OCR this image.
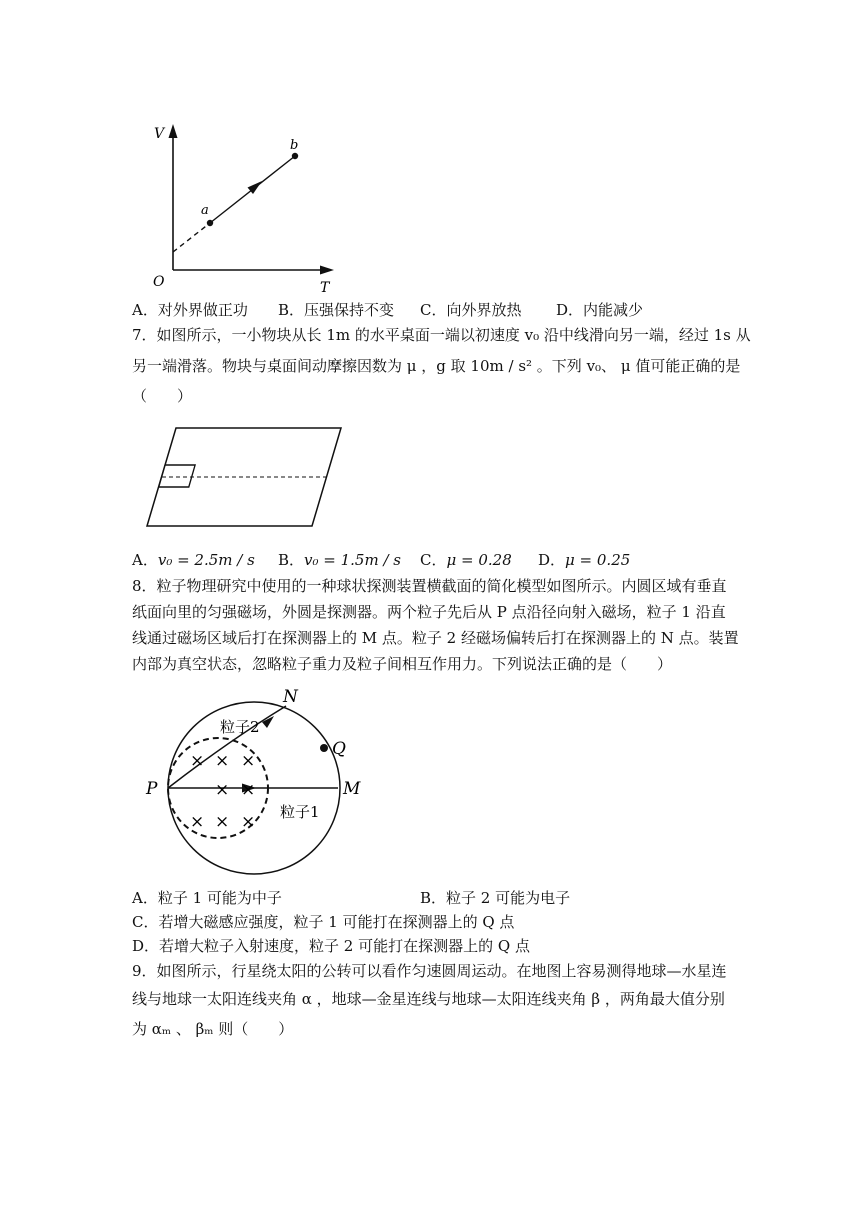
V
T
O
a
b
A．对外界做正功 B．压强保持不变 C．向外界放热 D．内能减少
7．如图所示，一小物块从长 1m 的水平桌面一端以初速度 v₀ 沿中线滑向另一端，经过 1s 从
另一端滑落。物块与桌面间动摩擦因数为 μ ，g 取 10m / s² 。下列 v₀、 μ 值可能正确的是
（　　）
A．v₀ = 2.5m / s B．v₀ = 1.5m / s C．μ = 0.28 D．μ = 0.25
8．粒子物理研究中使用的一种球状探测装置横截面的简化模型如图所示。内圆区域有垂直
纸面向里的匀强磁场，外圆是探测器。两个粒子先后从 P 点沿径向射入磁场，粒子 1 沿直
线通过磁场区域后打在探测器上的 M 点。粒子 2 经磁场偏转后打在探测器上的 N 点。装置
内部为真空状态，忽略粒子重力及粒子间相互作用力。下列说法正确的是（　　）
× × ×
× ×
× × ×
N
Q
P	M
粒子2
粒子1
A．粒子 1 可能为中子	B．粒子 2 可能为电子
C．若增大磁感应强度，粒子 1 可能打在探测器上的 Q 点
D．若增大粒子入射速度，粒子 2 可能打在探测器上的 Q 点
9．如图所示，行星绕太阳的公转可以看作匀速圆周运动。在地图上容易测得地球—水星连
线与地球一太阳连线夹角 α ，地球—金星连线与地球—太阳连线夹角 β ，两角最大值分别
为 αₘ 、 βₘ 则（　　）
